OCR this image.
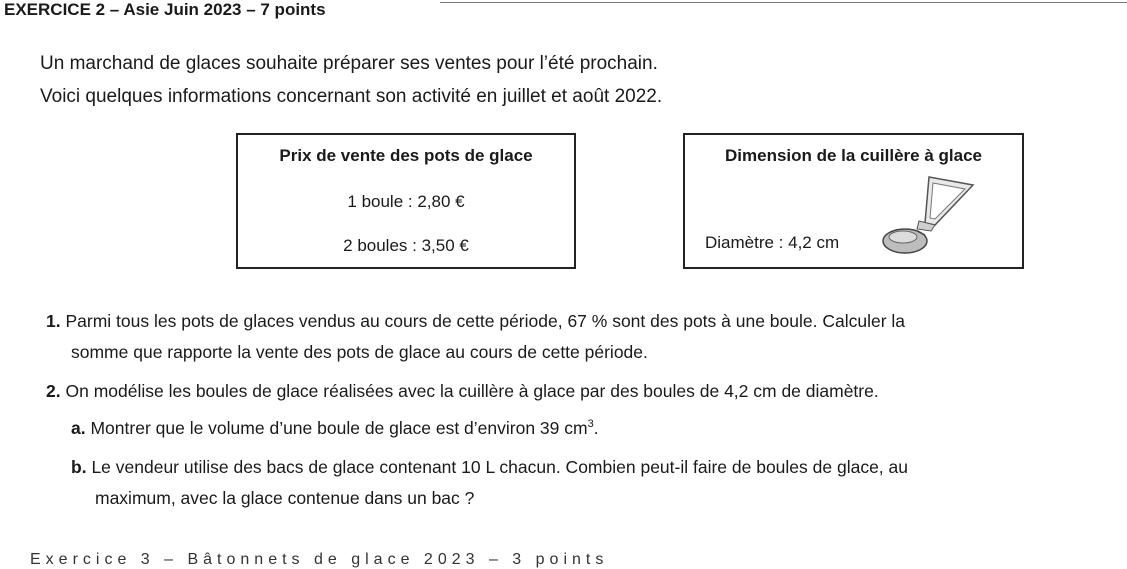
EXERCICE 2 – Asie Juin 2023 – 7 points
Un marchand de glaces souhaite préparer ses ventes pour l’été prochain.
Voici quelques informations concernant son activité en juillet et août 2022.
Prix de vente des pots de glace
1 boule : 2,80 €
2 boules : 3,50 €
Dimension de la cuillère à glace
Diamètre : 4,2 cm
1. Parmi tous les pots de glaces vendus au cours de cette période, 67 % sont des pots à une boule. Calculer la
somme que rapporte la vente des pots de glace au cours de cette période.
2. On modélise les boules de glace réalisées avec la cuillère à glace par des boules de 4,2 cm de diamètre.
a. Montrer que le volume d’une boule de glace est d’environ 39 $cm^3$.
b. Le vendeur utilise des bacs de glace contenant 10 L chacun. Combien peut-il faire de boules de glace, au
maximum, avec la glace contenue dans un bac ?
Exercice 3 – Bâtonnets de glace 2023 – 3 points
